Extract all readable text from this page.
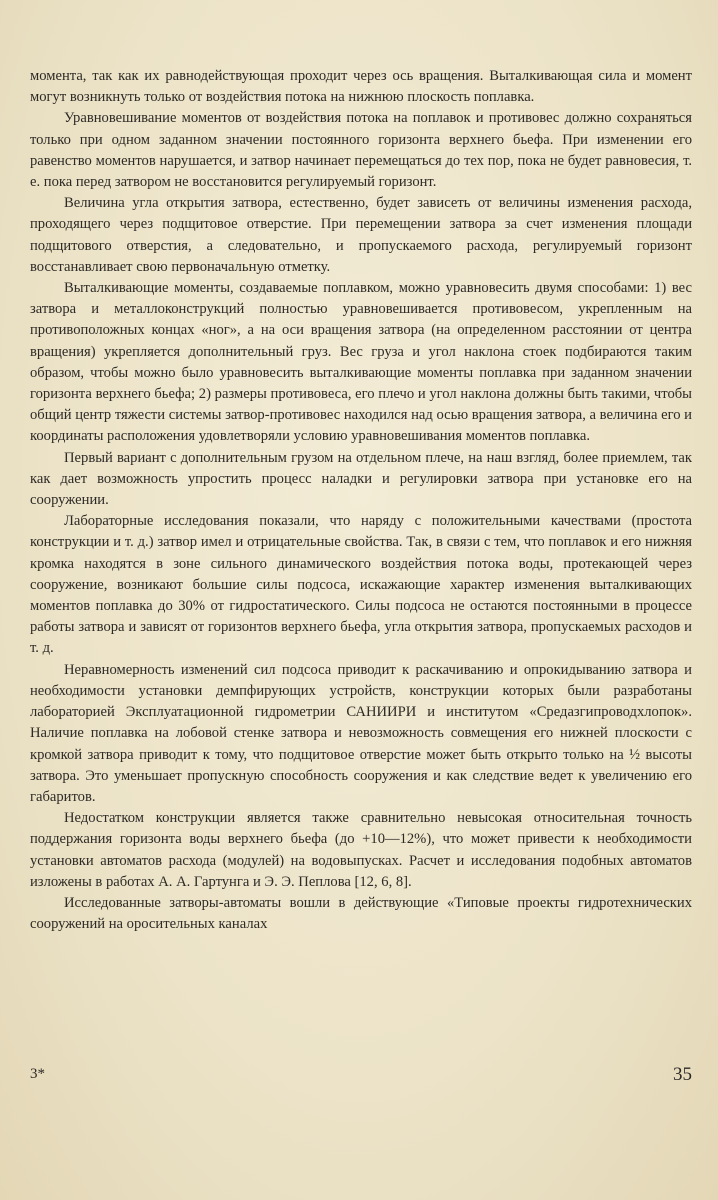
момента, так как их равнодействующая проходит через ось вращения. Выталкивающая сила и момент могут возникнуть только от воздействия потока на нижнюю плоскость поплавка.

Уравновешивание моментов от воздействия потока на поплавок и противовес должно сохраняться только при одном заданном значении постоянного горизонта верхнего бьефа. При изменении его равенство моментов нарушается, и затвор начинает перемещаться до тех пор, пока не будет равновесия, т. е. пока перед затвором не восстановится регулируемый горизонт.

Величина угла открытия затвора, естественно, будет зависеть от величины изменения расхода, проходящего через подщитовое отверстие. При перемещении затвора за счет изменения площади подщитового отверстия, а следовательно, и пропускаемого расхода, регулируемый горизонт восстанавливает свою первоначальную отметку.

Выталкивающие моменты, создаваемые поплавком, можно уравновесить двумя способами: 1) вес затвора и металлоконструкций полностью уравновешивается противовесом, укрепленным на противоположных концах «ног», а на оси вращения затвора (на определенном расстоянии от центра вращения) укрепляется дополнительный груз. Вес груза и угол наклона стоек подбираются таким образом, чтобы можно было уравновесить выталкивающие моменты поплавка при заданном значении горизонта верхнего бьефа; 2) размеры противовеса, его плечо и угол наклона должны быть такими, чтобы общий центр тяжести системы затвор-противовес находился над осью вращения затвора, а величина его и координаты расположения удовлетворяли условию уравновешивания моментов поплавка.

Первый вариант с дополнительным грузом на отдельном плече, на наш взгляд, более приемлем, так как дает возможность упростить процесс наладки и регулировки затвора при установке его на сооружении.

Лабораторные исследования показали, что наряду с положительными качествами (простота конструкции и т. д.) затвор имел и отрицательные свойства. Так, в связи с тем, что поплавок и его нижняя кромка находятся в зоне сильного динамического воздействия потока воды, протекающей через сооружение, возникают большие силы подсоса, искажающие характер изменения выталкивающих моментов поплавка до 30% от гидростатического. Силы подсоса не остаются постоянными в процессе работы затвора и зависят от горизонтов верхнего бьефа, угла открытия затвора, пропускаемых расходов и т. д.

Неравномерность изменений сил подсоса приводит к раскачиванию и опрокидыванию затвора и необходимости установки демпфирующих устройств, конструкции которых были разработаны лабораторией Эксплуатационной гидрометрии САНИИРИ и институтом «Средазгипроводхлопок». Наличие поплавка на лобовой стенке затвора и невозможность совмещения его нижней плоскости с кромкой затвора приводит к тому, что подщитовое отверстие может быть открыто только на ½ высоты затвора. Это уменьшает пропускную способность сооружения и как следствие ведет к увеличению его габаритов.

Недостатком конструкции является также сравнительно невысокая относительная точность поддержания горизонта воды верхнего бьефа (до +10—12%), что может привести к необходимости установки автоматов расхода (модулей) на водовыпусках. Расчет и исследования подобных автоматов изложены в работах А. А. Гартунга и Э. Э. Пеплова [12, 6, 8].

Исследованные затворы-автоматы вошли в действующие «Типовые проекты гидротехнических сооружений на оросительных каналах

3*	35
